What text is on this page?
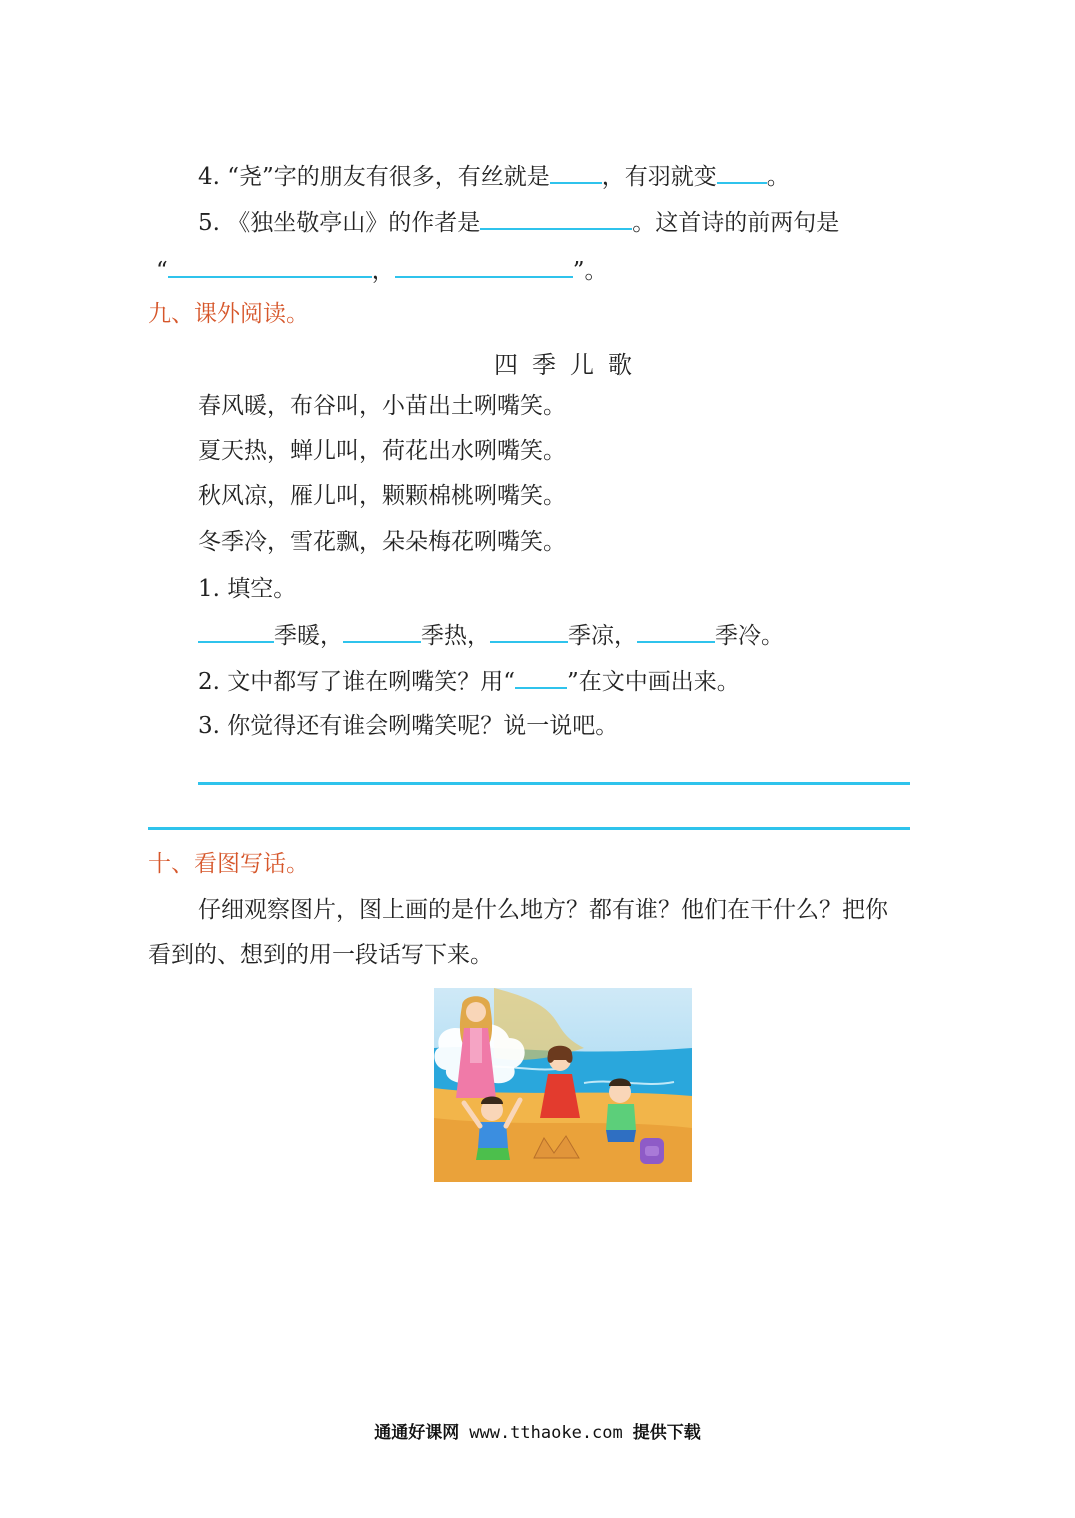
4. “尧”字的朋友有很多，有丝就是 ，有羽就变 。
5. 《独坐敬亭山》的作者是	。这首诗的前两句是
“	，	”。
九、课外阅读。
四季儿歌
春风暖，布谷叫，小苗出土咧嘴笑。
夏天热，蝉儿叫，荷花出水咧嘴笑。
秋风凉，雁儿叫，颗颗棉桃咧嘴笑。
冬季冷，雪花飘，朵朵梅花咧嘴笑。
1. 填空。
季暖，	季热，	季凉，	季冷。
2. 文中都写了谁在咧嘴笑？用“ ”在文中画出来。
3. 你觉得还有谁会咧嘴笑呢？说一说吧。
十、看图写话。
仔细观察图片，图上画的是什么地方？都有谁？他们在干什么？把你
看到的、想到的用一段话写下来。
通通好课网 www.tthaoke.com 提供下载
